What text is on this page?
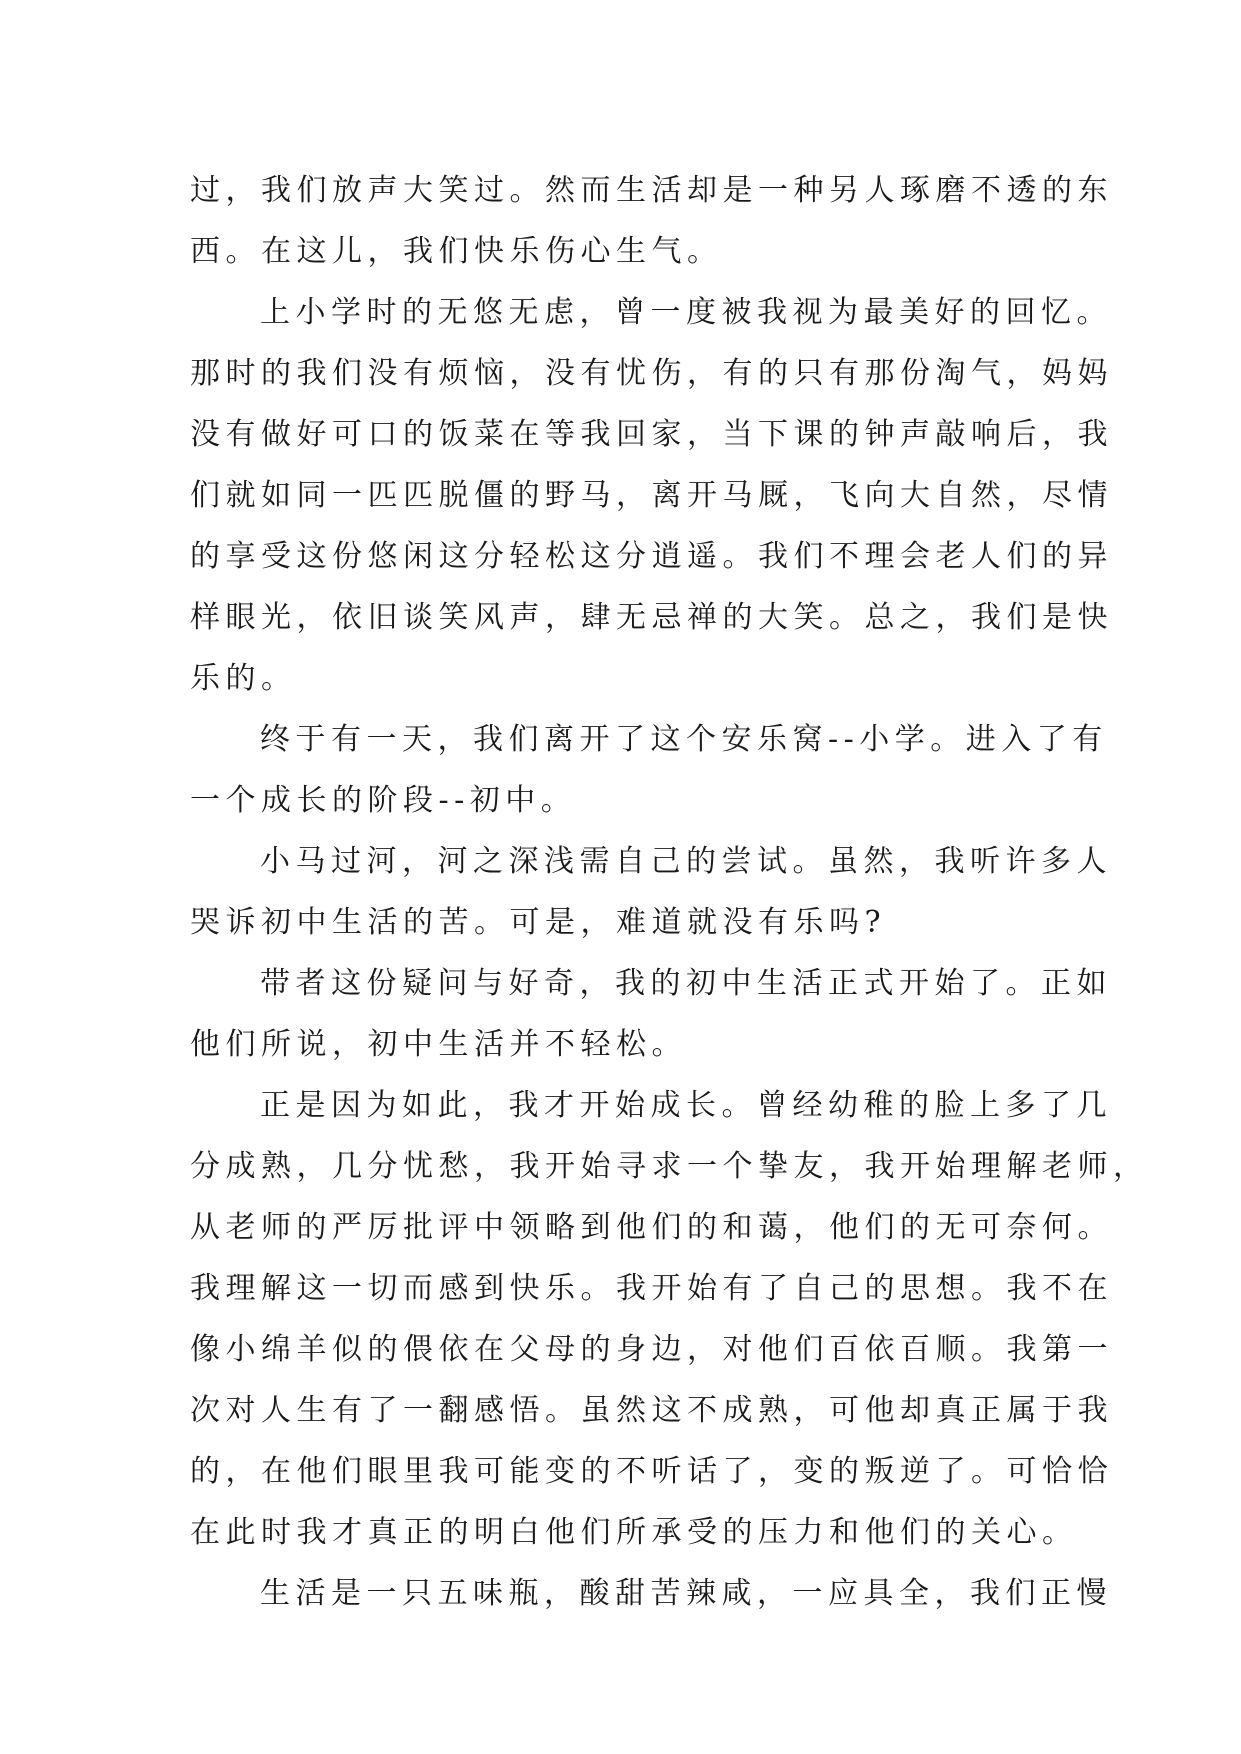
过，我们放声大笑过。然而生活却是一种另人琢磨不透的东
西。在这儿，我们快乐伤心生气。
上小学时的无悠无虑，曾一度被我视为最美好的回忆。
那时的我们没有烦恼，没有忧伤，有的只有那份淘气，妈妈
没有做好可口的饭菜在等我回家，当下课的钟声敲响后，我
们就如同一匹匹脱僵的野马，离开马厩，飞向大自然，尽情
的享受这份悠闲这分轻松这分逍遥。我们不理会老人们的异
样眼光，依旧谈笑风声，肆无忌禅的大笑。总之，我们是快
乐的。
终于有一天，我们离开了这个安乐窝--小学。进入了有
一个成长的阶段--初中。
小马过河，河之深浅需自己的尝试。虽然，我听许多人
哭诉初中生活的苦。可是，难道就没有乐吗?
带者这份疑问与好奇，我的初中生活正式开始了。正如
他们所说，初中生活并不轻松。
正是因为如此，我才开始成长。曾经幼稚的脸上多了几
分成熟，几分忧愁，我开始寻求一个挚友，我开始理解老师，
从老师的严厉批评中领略到他们的和蔼，他们的无可奈何。
我理解这一切而感到快乐。我开始有了自己的思想。我不在
像小绵羊似的偎依在父母的身边，对他们百依百顺。我第一
次对人生有了一翻感悟。虽然这不成熟，可他却真正属于我
的，在他们眼里我可能变的不听话了，变的叛逆了。可恰恰
在此时我才真正的明白他们所承受的压力和他们的关心。
生活是一只五味瓶，酸甜苦辣咸，一应具全，我们正慢
